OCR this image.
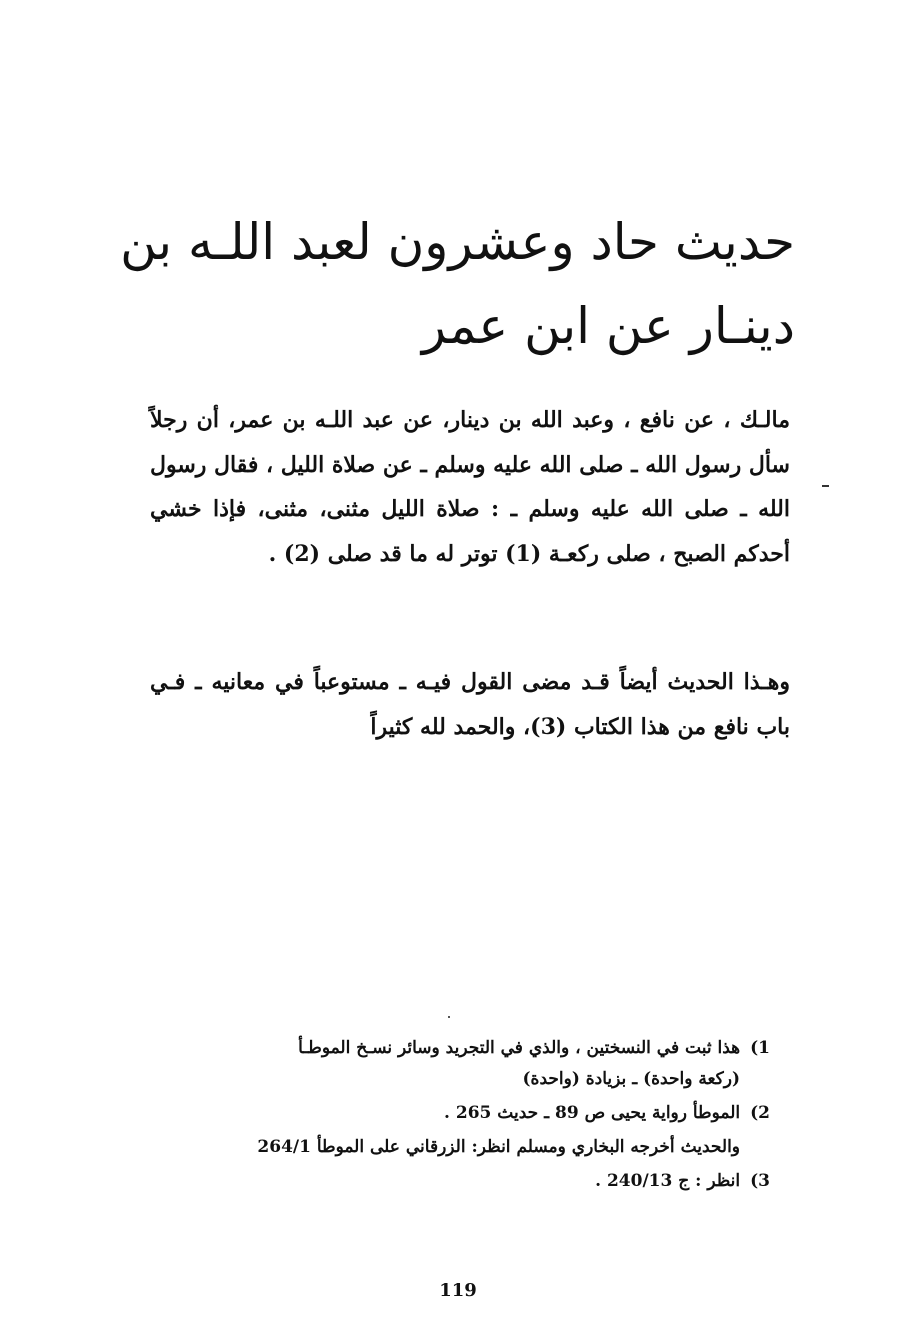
حديث حاد وعشرون لعبد اللـه بن
دينـار عن ابن عمر

مالـك ، عن نافع ، وعبد الله بن دينار، عن عبد اللـه بن عمر، أن رجلاً سأل رسول الله ـ صلى الله عليه وسلم ـ عن صلاة الليل ، فقال رسول الله ـ صلى الله عليه وسلم ـ : صلاة الليل مثنى، مثنى، فإذا خشي أحدكم الصبح ، صلى ركعـة (1) توتر له ما قد صلى (2) .

وهـذا الحديث أيضاً قـد مضى القول فيـه ـ مستوعباً في معانيه ـ فـي باب نافع من هذا الكتاب (3)، والحمد لله كثيراً

1)هذا ثبت في النسختين ، والذي في التجريد وسائر نسـخ الموطـأ
(ركعة واحدة) ـ بزيادة (واحدة)
2)الموطأ رواية يحيى ص 89 ـ حديث 265 .
والحديث أخرجه البخاري ومسلم انظر: الزرقاني على الموطأ 264/1
3)انظر : ج 240/13 .
119
